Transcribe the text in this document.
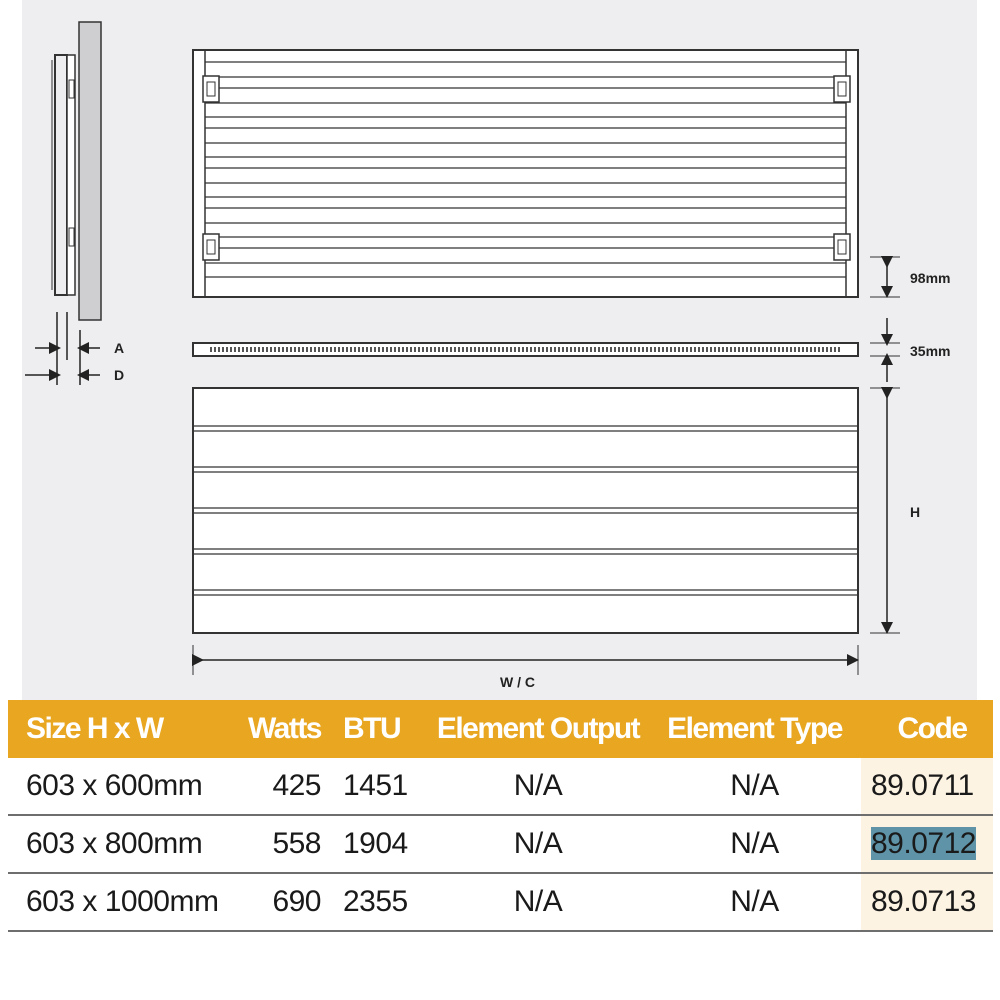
A
D
98mm
35mm
H
W / C
Size H x W	Watts	BTU	Element Output	Element Type	Code
603 x 600mm	425	1451	N/A	N/A	89.0711
603 x 800mm	558	1904	N/A	N/A	89.0712
603 x 1000mm	690	2355	N/A	N/A	89.0713
